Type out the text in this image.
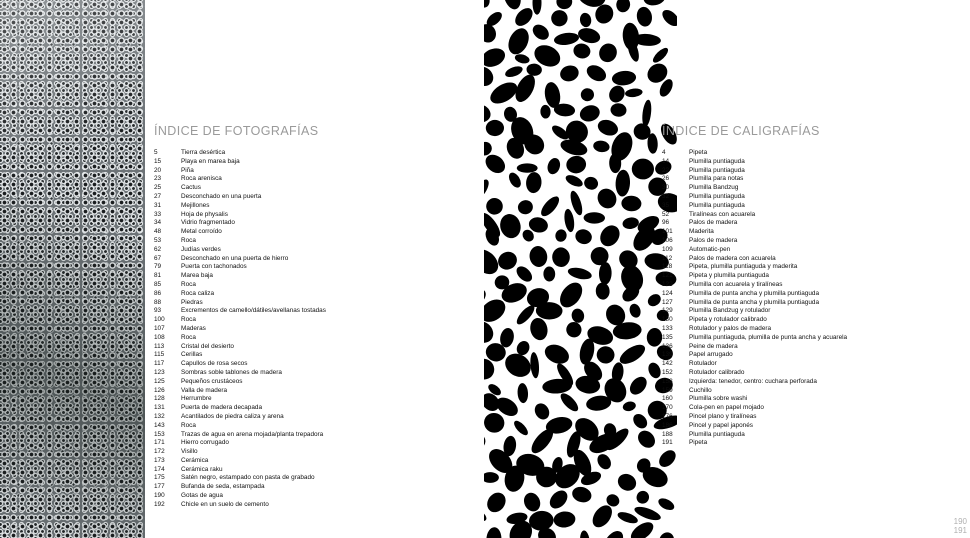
ÍNDICE DE FOTOGRAFÍAS
5	Tierra desértica
15	Playa en marea baja
20	Piña
23	Roca arenisca
25	Cactus
27	Desconchado en una puerta
31	Mejillones
33	Hoja de physalis
34	Vidrio fragmentado
48	Metal corroído
53	Roca
62	Judías verdes
67	Desconchado en una puerta de hierro
79	Puerta con tachonados
81	Marea baja
85	Roca
86	Roca caliza
88	Piedras
93	Excrementos de camello/dátiles/avellanas tostadas
100	Roca
107	Maderas
108	Roca
113	Cristal del desierto
115	Cerillas
117	Capullos de rosa secos
123	Sombras soble tablones de madera
125	Pequeños crustáceos
126	Valla de madera
128	Herrumbre
131	Puerta de madera decapada
132	Acantilados de piedra caliza y arena
143	Roca
153	Trazas de agua en arena mojada/planta trepadora
171	Hierro corrugado
172	Visillo
173	Cerámica
174	Cerámica raku
175	Satén negro, estampado con pasta de grabado
177	Bufanda de seda, estampada
190	Gotas de agua
192	Chicle en un suelo de cemento
ÍNDICE DE CALIGRAFÍAS
4	Pipeta
14	Plumilla puntiaguda
22	Plumilla puntiaguda
26	Plumilla para notas
30	Plumilla Bandzug
32	Plumilla puntiaguda
35	Plumilla puntiaguda
52	Tiralíneas con acuarela
96	Palos de madera
101	Maderita
106	Palos de madera
109	Automatic-pen
112	Palos de madera con acuarela
118	Pipeta, plumilla puntiaguda y maderita
121	Pipeta y plumilla puntiaguda
122	Plumilla con acuarela y tiralíneas
124	Plumilla de punta ancha y plumilla puntiaguda
127	Plumilla de punta ancha y plumilla puntiaguda
129	Plumilla Bandzug y rotulador
130	Pipeta y rotulador calibrado
133	Rotulador y palos de madera
135	Plumilla puntiaguda, plumilla de punta ancha y acuarela
136	Peine de madera
139	Papel arrugado
142	Rotulador
152	Rotulador calibrado
158	Izquierda: tenedor, centro: cuchara perforada
159	Cuchillo
160	Plumilla sobre washi
170	Cola-pen en papel mojado
176	Pincel plano y tiralíneas
186	Pincel y papel japonés
188	Plumilla puntiaguda
191	Pipeta
190
191
